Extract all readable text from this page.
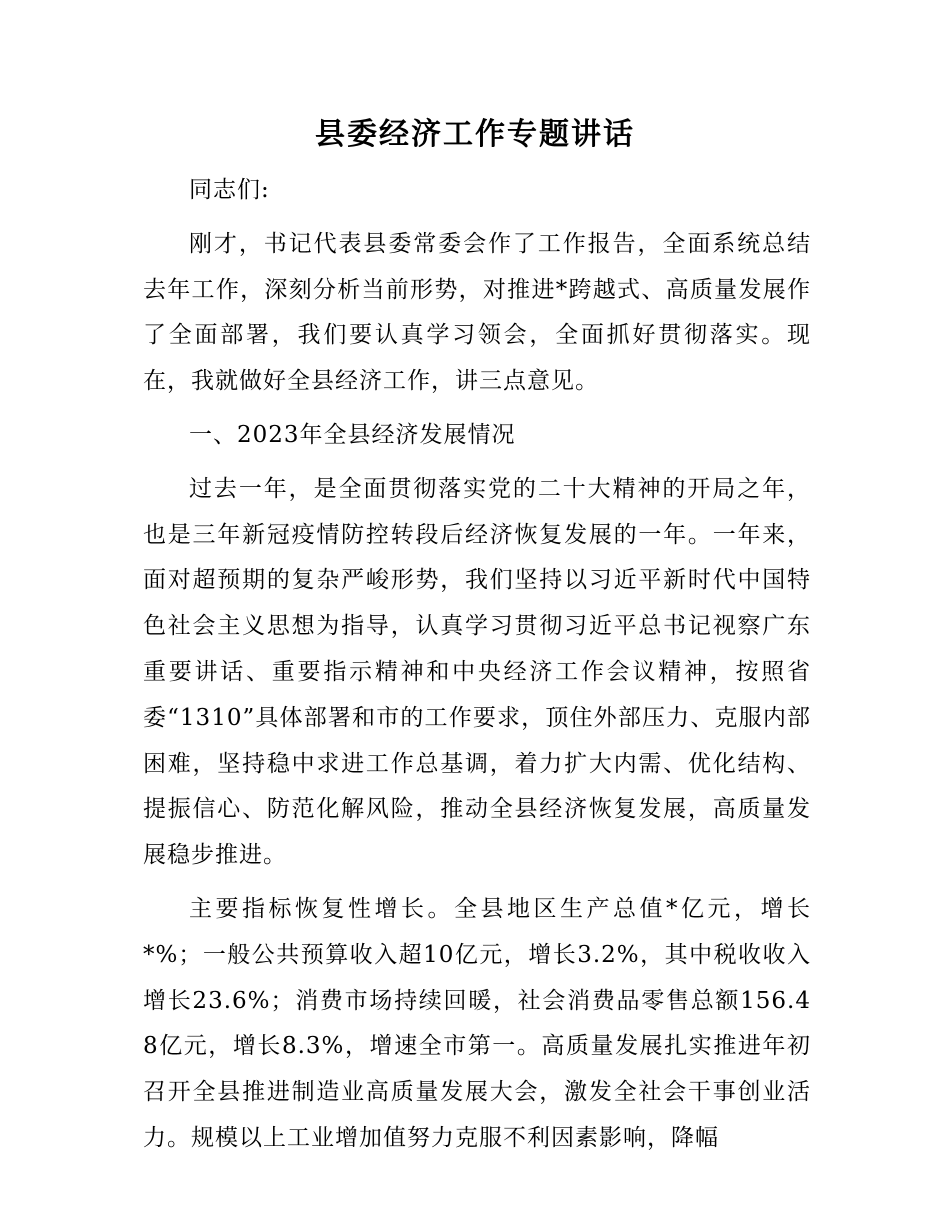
县委经济工作专题讲话

同志们:

刚才，书记代表县委常委会作了工作报告，全面系统总结去年工作，深刻分析当前形势，对推进*跨越式、高质量发展作了全面部署，我们要认真学习领会，全面抓好贯彻落实。现在，我就做好全县经济工作，讲三点意见。

一、2023年全县经济发展情况

过去一年，是全面贯彻落实党的二十大精神的开局之年，也是三年新冠疫情防控转段后经济恢复发展的一年。一年来，面对超预期的复杂严峻形势，我们坚持以习近平新时代中国特色社会主义思想为指导，认真学习贯彻习近平总书记视察广东重要讲话、重要指示精神和中央经济工作会议精神，按照省委“1310”具体部署和市的工作要求，顶住外部压力、克服内部困难，坚持稳中求进工作总基调，着力扩大内需、优化结构、提振信心、防范化解风险，推动全县经济恢复发展，高质量发展稳步推进。

主要指标恢复性增长。全县地区生产总值*亿元，增长*%；一般公共预算收入超10亿元，增长3.2%，其中税收收入增长23.6%；消费市场持续回暖，社会消费品零售总额156.48亿元，增长8.3%，增速全市第一。高质量发展扎实推进年初召开全县推进制造业高质量发展大会，激发全社会干事创业活力。规模以上工业增加值努力克服不利因素影响，降幅
